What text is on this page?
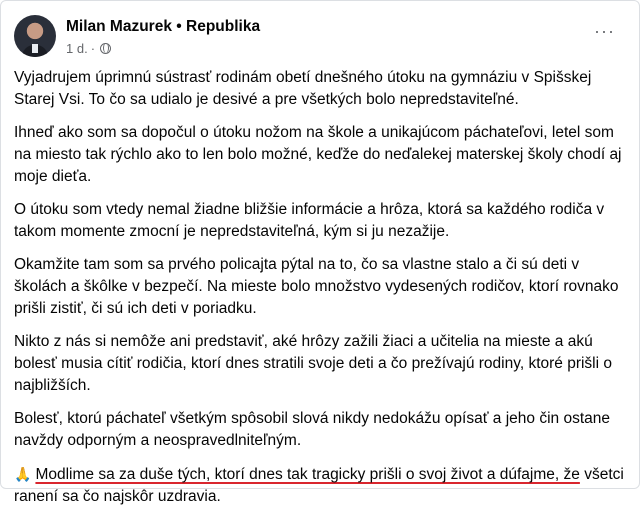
Milan Mazurek • Republika
1 d. ·
···

Vyjadrujem úprimnú sústrasť rodinám obetí dnešného útoku na gymnáziu v Spišskej Starej Vsi. To čo sa udialo je desivé a pre všetkých bolo nepredstaviteľné.

Ihneď ako som sa dopočul o útoku nožom na škole a unikajúcom páchateľovi, letel som na miesto tak rýchlo ako to len bolo možné, keďže do neďalekej materskej školy chodí aj moje dieťa.

O útoku som vtedy nemal žiadne bližšie informácie a hrôza, ktorá sa každého rodiča v takom momente zmocní je nepredstaviteľná, kým si ju nezažije.

Okamžite tam som sa prvého policajta pýtal na to, čo sa vlastne stalo a či sú deti v školách a škôlke v bezpečí. Na mieste bolo množstvo vydesených rodičov, ktorí rovnako prišli zistiť, či sú ich deti v poriadku.

Nikto z nás si nemôže ani predstaviť, aké hrôzy zažili žiaci a učitelia na mieste a akú bolesť musia cítiť rodičia, ktorí dnes stratili svoje deti a čo prežívajú rodiny, ktoré prišli o najbližších.

Bolesť, ktorú páchateľ všetkým spôsobil slová nikdy nedokážu opísať a jeho čin ostane navždy odporným a neospravedlniteľným.

🙏 Modlime sa za duše tých, ktorí dnes tak tragicky prišli o svoj život a dúfajme, že všetci ranení sa čo najskôr uzdravia.
